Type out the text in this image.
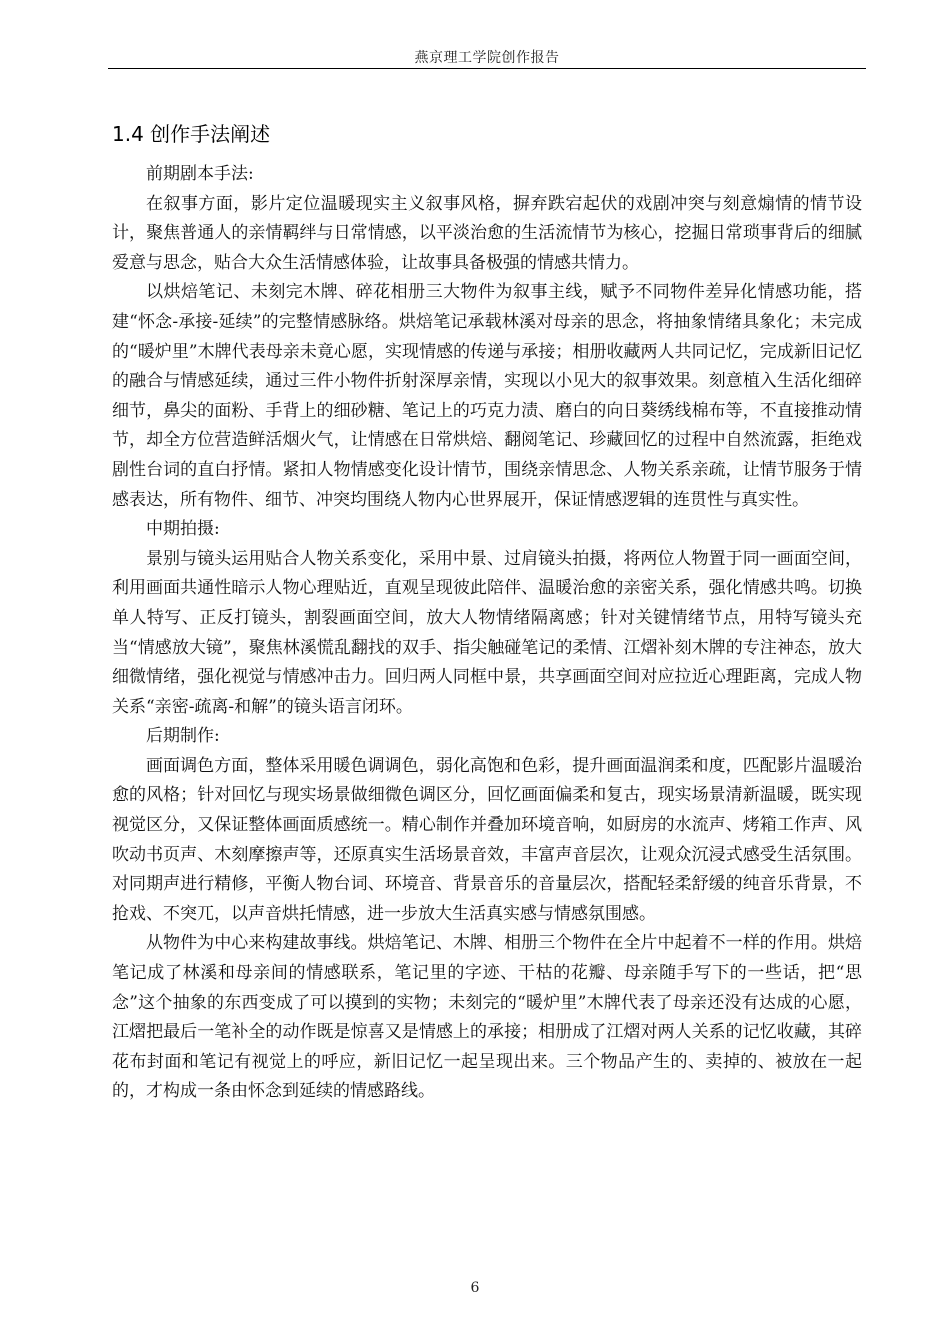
燕京理工学院创作报告
1.4 创作手法阐述

前期剧本手法:

在叙事方面，影片定位温暖现实主义叙事风格，摒弃跌宕起伏的戏剧冲突与刻意煽情的情节设计，聚焦普通人的亲情羁绊与日常情感，以平淡治愈的生活流情节为核心，挖掘日常琐事背后的细腻爱意与思念，贴合大众生活情感体验，让故事具备极强的情感共情力。

以烘焙笔记、未刻完木牌、碎花相册三大物件为叙事主线，赋予不同物件差异化情感功能，搭建“怀念-承接-延续”的完整情感脉络。烘焙笔记承载林溪对母亲的思念，将抽象情绪具象化；未完成的“暖炉里”木牌代表母亲未竟心愿，实现情感的传递与承接；相册收藏两人共同记忆，完成新旧记忆的融合与情感延续，通过三件小物件折射深厚亲情，实现以小见大的叙事效果。刻意植入生活化细碎细节，鼻尖的面粉、手背上的细砂糖、笔记上的巧克力渍、磨白的向日葵绣线棉布等，不直接推动情节，却全方位营造鲜活烟火气，让情感在日常烘焙、翻阅笔记、珍藏回忆的过程中自然流露，拒绝戏剧性台词的直白抒情。紧扣人物情感变化设计情节，围绕亲情思念、人物关系亲疏，让情节服务于情感表达，所有物件、细节、冲突均围绕人物内心世界展开，保证情感逻辑的连贯性与真实性。

中期拍摄:

景别与镜头运用贴合人物关系变化，采用中景、过肩镜头拍摄，将两位人物置于同一画面空间，利用画面共通性暗示人物心理贴近，直观呈现彼此陪伴、温暖治愈的亲密关系，强化情感共鸣。切换单人特写、正反打镜头，割裂画面空间，放大人物情绪隔离感；针对关键情绪节点，用特写镜头充当“情感放大镜”，聚焦林溪慌乱翻找的双手、指尖触碰笔记的柔情、江熠补刻木牌的专注神态，放大细微情绪，强化视觉与情感冲击力。回归两人同框中景，共享画面空间对应拉近心理距离，完成人物关系“亲密-疏离-和解”的镜头语言闭环。

后期制作:

画面调色方面，整体采用暖色调调色，弱化高饱和色彩，提升画面温润柔和度，匹配影片温暖治愈的风格；针对回忆与现实场景做细微色调区分，回忆画面偏柔和复古，现实场景清新温暖，既实现视觉区分，又保证整体画面质感统一。精心制作并叠加环境音响，如厨房的水流声、烤箱工作声、风吹动书页声、木刻摩擦声等，还原真实生活场景音效，丰富声音层次，让观众沉浸式感受生活氛围。对同期声进行精修，平衡人物台词、环境音、背景音乐的音量层次，搭配轻柔舒缓的纯音乐背景，不抢戏、不突兀，以声音烘托情感，进一步放大生活真实感与情感氛围感。

从物件为中心来构建故事线。烘焙笔记、木牌、相册三个物件在全片中起着不一样的作用。烘焙笔记成了林溪和母亲间的情感联系，笔记里的字迹、干枯的花瓣、母亲随手写下的一些话，把“思念”这个抽象的东西变成了可以摸到的实物；未刻完的“暖炉里”木牌代表了母亲还没有达成的心愿，江熠把最后一笔补全的动作既是惊喜又是情感上的承接；相册成了江熠对两人关系的记忆收藏，其碎花布封面和笔记有视觉上的呼应，新旧记忆一起呈现出来。三个物品产生的、卖掉的、被放在一起的，才构成一条由怀念到延续的情感路线。

6
